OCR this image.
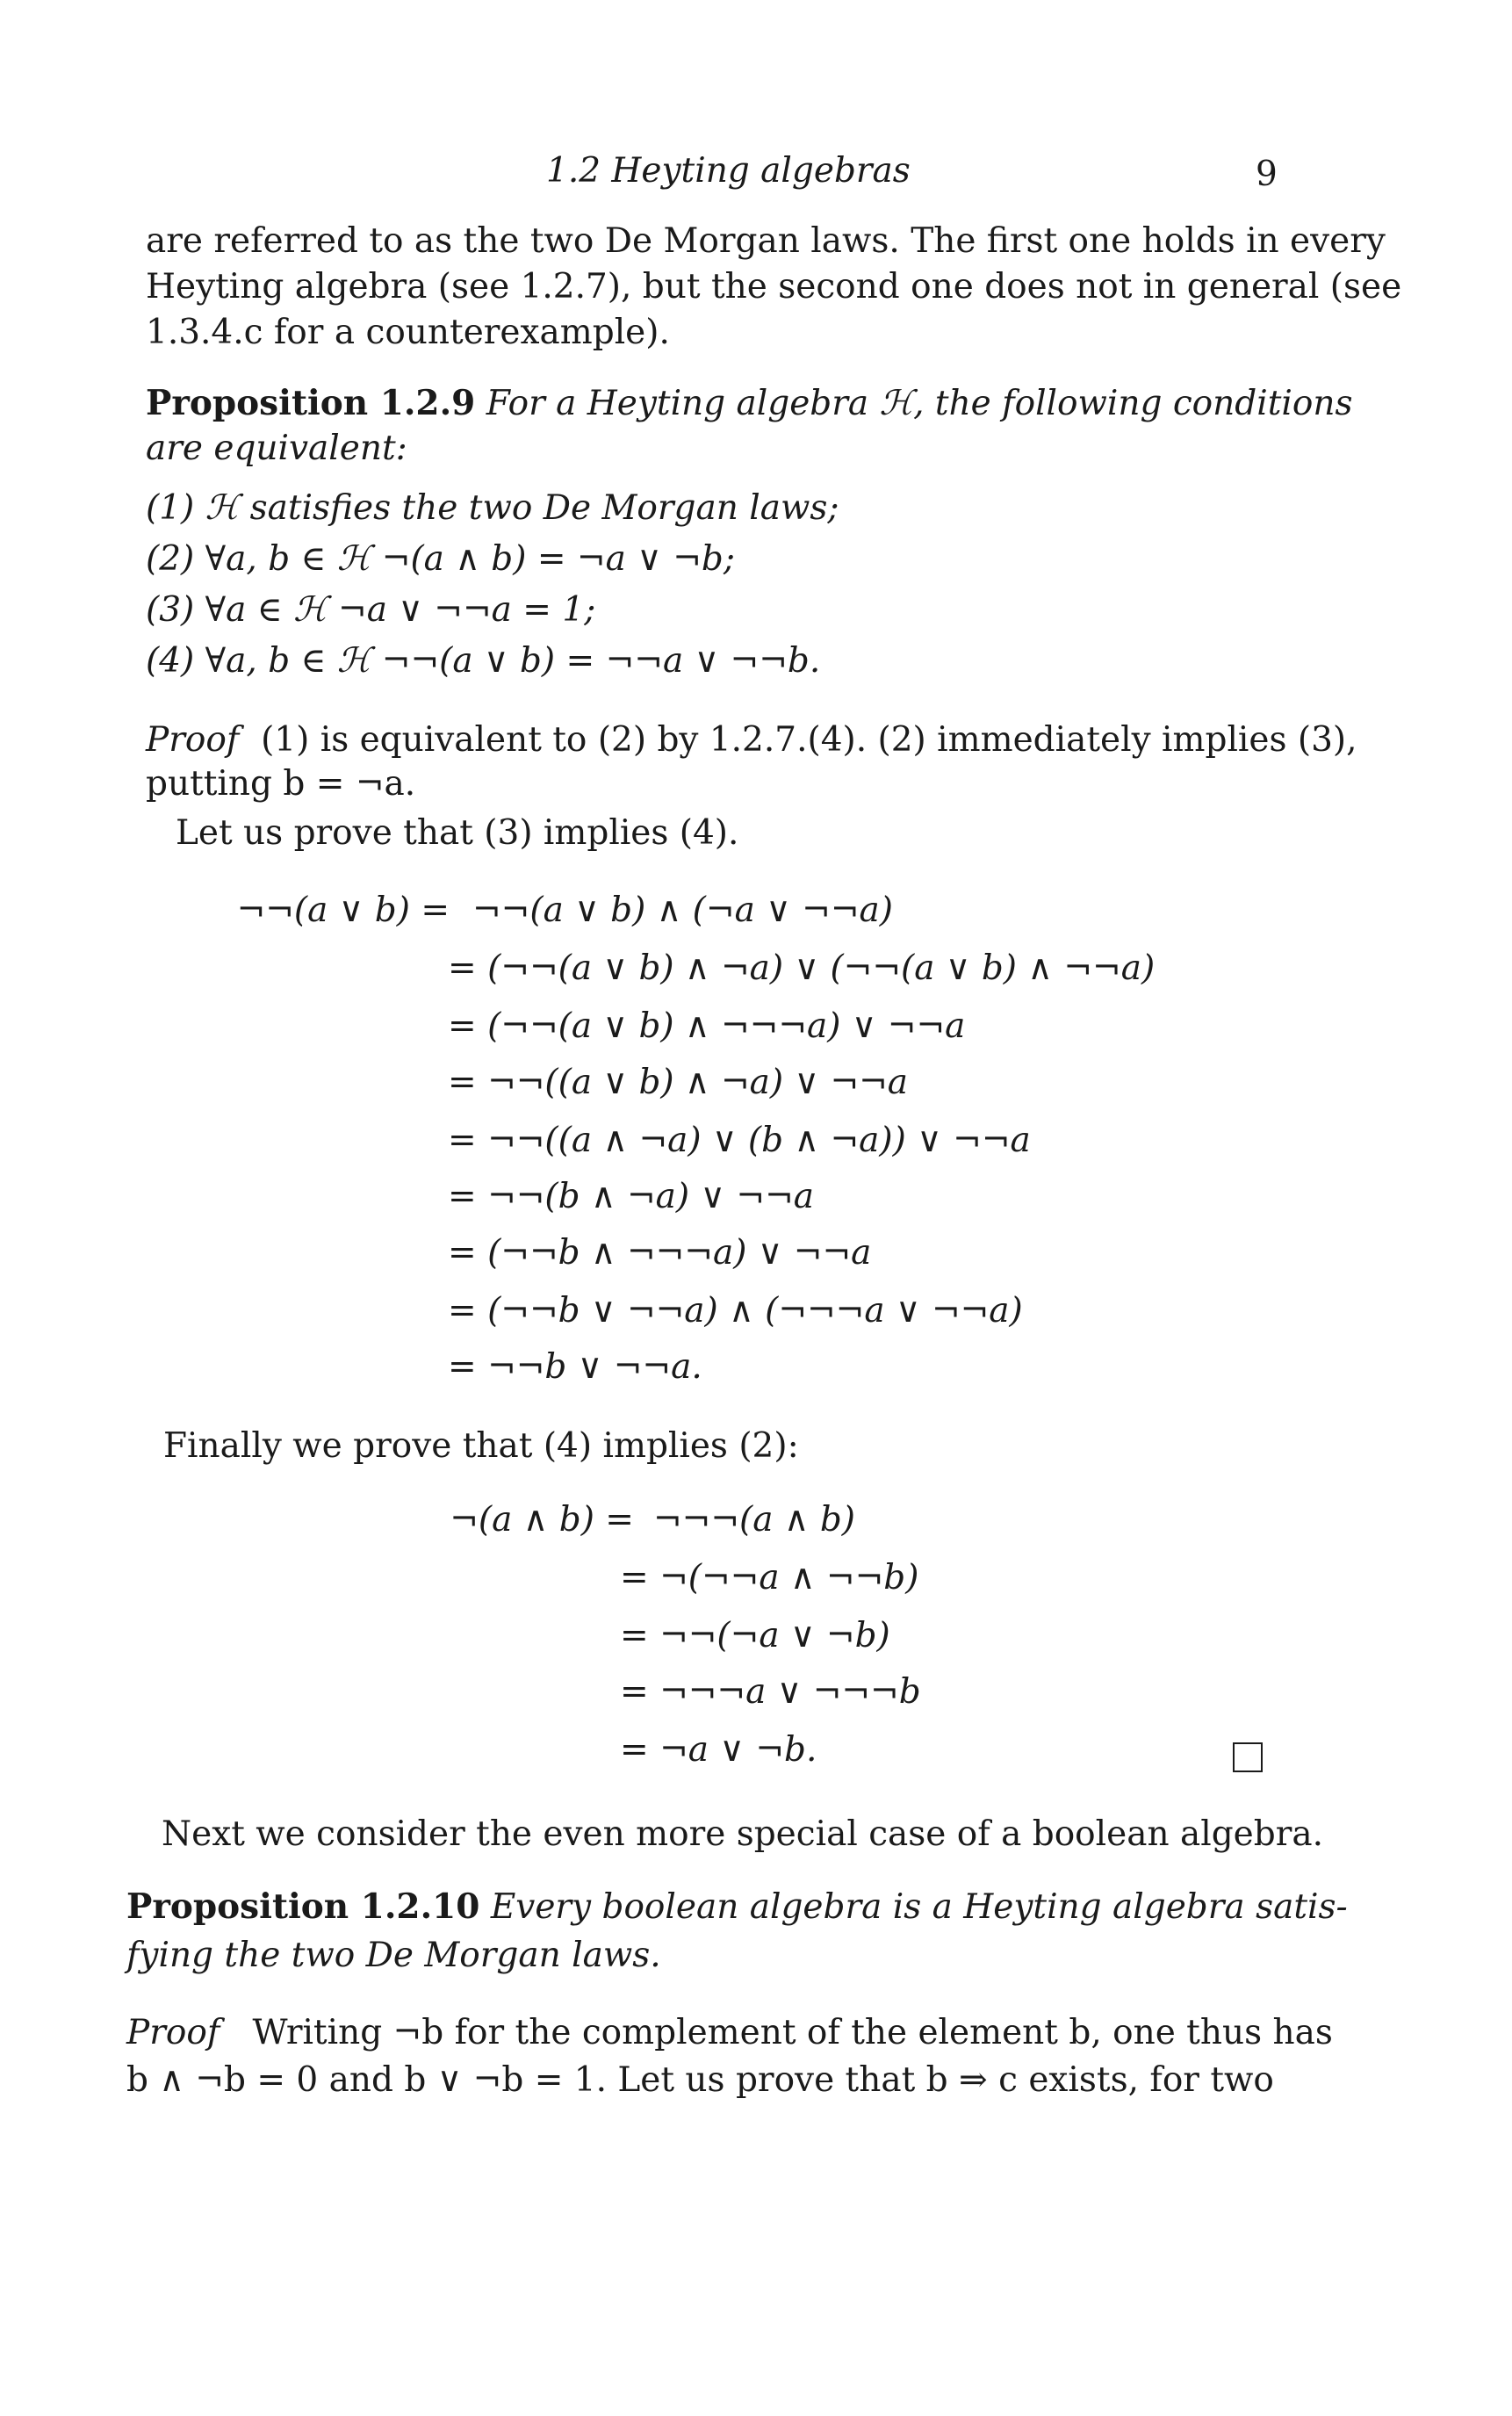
1.2 Heyting algebras	9
are referred to as the two De Morgan laws. The first one holds in every
Heyting algebra (see 1.2.7), but the second one does not in general (see
1.3.4.c for a counterexample).
Proposition 1.2.9 For a Heyting algebra ℋ, the following conditions
are equivalent:
(1) ℋ satisfies the two De Morgan laws;
(2) ∀a, b ∈ ℋ ¬(a ∧ b) = ¬a ∨ ¬b;
(3) ∀a ∈ ℋ ¬a ∨ ¬¬a = 1;
(4) ∀a, b ∈ ℋ ¬¬(a ∨ b) = ¬¬a ∨ ¬¬b.
Proof (1) is equivalent to (2) by 1.2.7.(4). (2) immediately implies (3),
putting b = ¬a.
Let us prove that (3) implies (4).
¬¬(a ∨ b) = ¬¬(a ∨ b) ∧ (¬a ∨ ¬¬a)
= (¬¬(a ∨ b) ∧ ¬a) ∨ (¬¬(a ∨ b) ∧ ¬¬a)
= (¬¬(a ∨ b) ∧ ¬¬¬a) ∨ ¬¬a
= ¬¬((a ∨ b) ∧ ¬a) ∨ ¬¬a
= ¬¬((a ∧ ¬a) ∨ (b ∧ ¬a)) ∨ ¬¬a
= ¬¬(b ∧ ¬a) ∨ ¬¬a
= (¬¬b ∧ ¬¬¬a) ∨ ¬¬a
= (¬¬b ∨ ¬¬a) ∧ (¬¬¬a ∨ ¬¬a)
= ¬¬b ∨ ¬¬a.
Finally we prove that (4) implies (2):
¬(a ∧ b) = ¬¬¬(a ∧ b)
= ¬(¬¬a ∧ ¬¬b)
= ¬¬(¬a ∨ ¬b)
= ¬¬¬a ∨ ¬¬¬b
= ¬a ∨ ¬b.
Next we consider the even more special case of a boolean algebra.
Proposition 1.2.10 Every boolean algebra is a Heyting algebra satis-
fying the two De Morgan laws.
Proof Writing ¬b for the complement of the element b, one thus has
b ∧ ¬b = 0 and b ∨ ¬b = 1. Let us prove that b ⇒ c exists, for two
